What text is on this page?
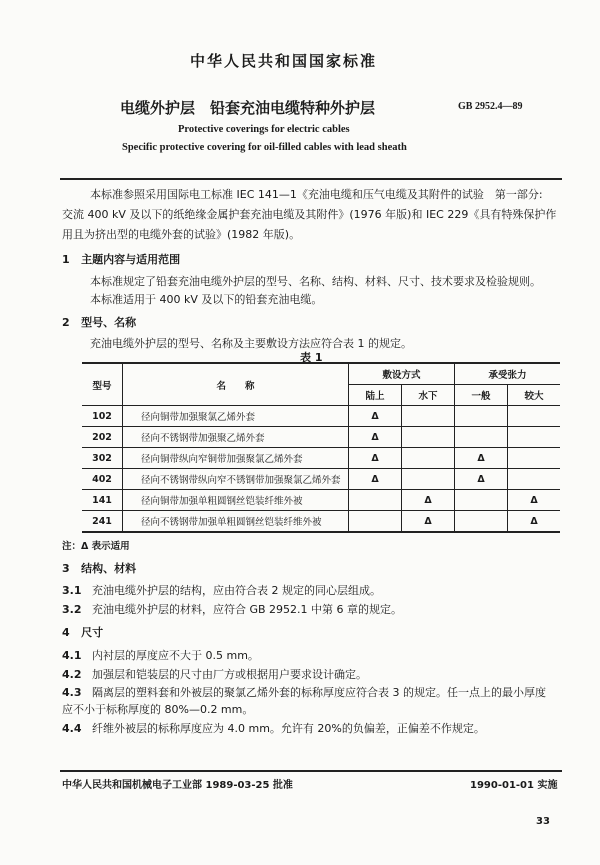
中华人民共和国国家标准
电缆外护层　铅套充油电缆特种外护层	GB 2952.4—89
Protective coverings for electric cables
Specific protective covering for oil-filled cables with lead sheath
本标准参照采用国际电工标准 IEC 141—1《充油电缆和压气电缆及其附件的试验　第一部分:
交流 400 kV 及以下的纸绝缘金属护套充油电缆及其附件》(1976 年版)和 IEC 229《具有特殊保护作
用且为挤出型的电缆外套的试验》(1982 年版)。
1 主题内容与适用范围
本标准规定了铅套充油电缆外护层的型号、名称、结构、材料、尺寸、技术要求及检验规则。
本标准适用于 400 kV 及以下的铅套充油电缆。
2 型号、名称
充油电缆外护层的型号、名称及主要敷设方法应符合表 1 的规定。
表 1
型号	名　　称	敷设方式		承受张力	
		陆上	水下	一般	较大
102	径向铜带加强聚氯乙烯外套	Δ			
202	径向不锈钢带加强聚乙烯外套	Δ			
302	径向铜带纵向窄铜带加强聚氯乙烯外套	Δ		Δ	
402	径向不锈钢带纵向窄不锈钢带加强聚氯乙烯外套	Δ		Δ	
141	径向铜带加强单粗圆钢丝铠装纤维外被		Δ		Δ
241	径向不锈钢带加强单粗圆钢丝铠装纤维外被		Δ		Δ
注：Δ 表示适用
3 结构、材料
3.1 充油电缆外护层的结构，应由符合表 2 规定的同心层组成。
3.2 充油电缆外护层的材料，应符合 GB 2952.1 中第 6 章的规定。
4 尺寸
4.1 内衬层的厚度应不大于 0.5 mm。
4.2 加强层和铠装层的尺寸由厂方或根据用户要求设计确定。
4.3 隔离层的塑料套和外被层的聚氯乙烯外套的标称厚度应符合表 3 的规定。任一点上的最小厚度
应不小于标称厚度的 80%—0.2 mm。
4.4 纤维外被层的标称厚度应为 4.0 mm。允许有 20%的负偏差，正偏差不作规定。
中华人民共和国机械电子工业部 1989-03-25 批准	1990-01-01 实施
33
